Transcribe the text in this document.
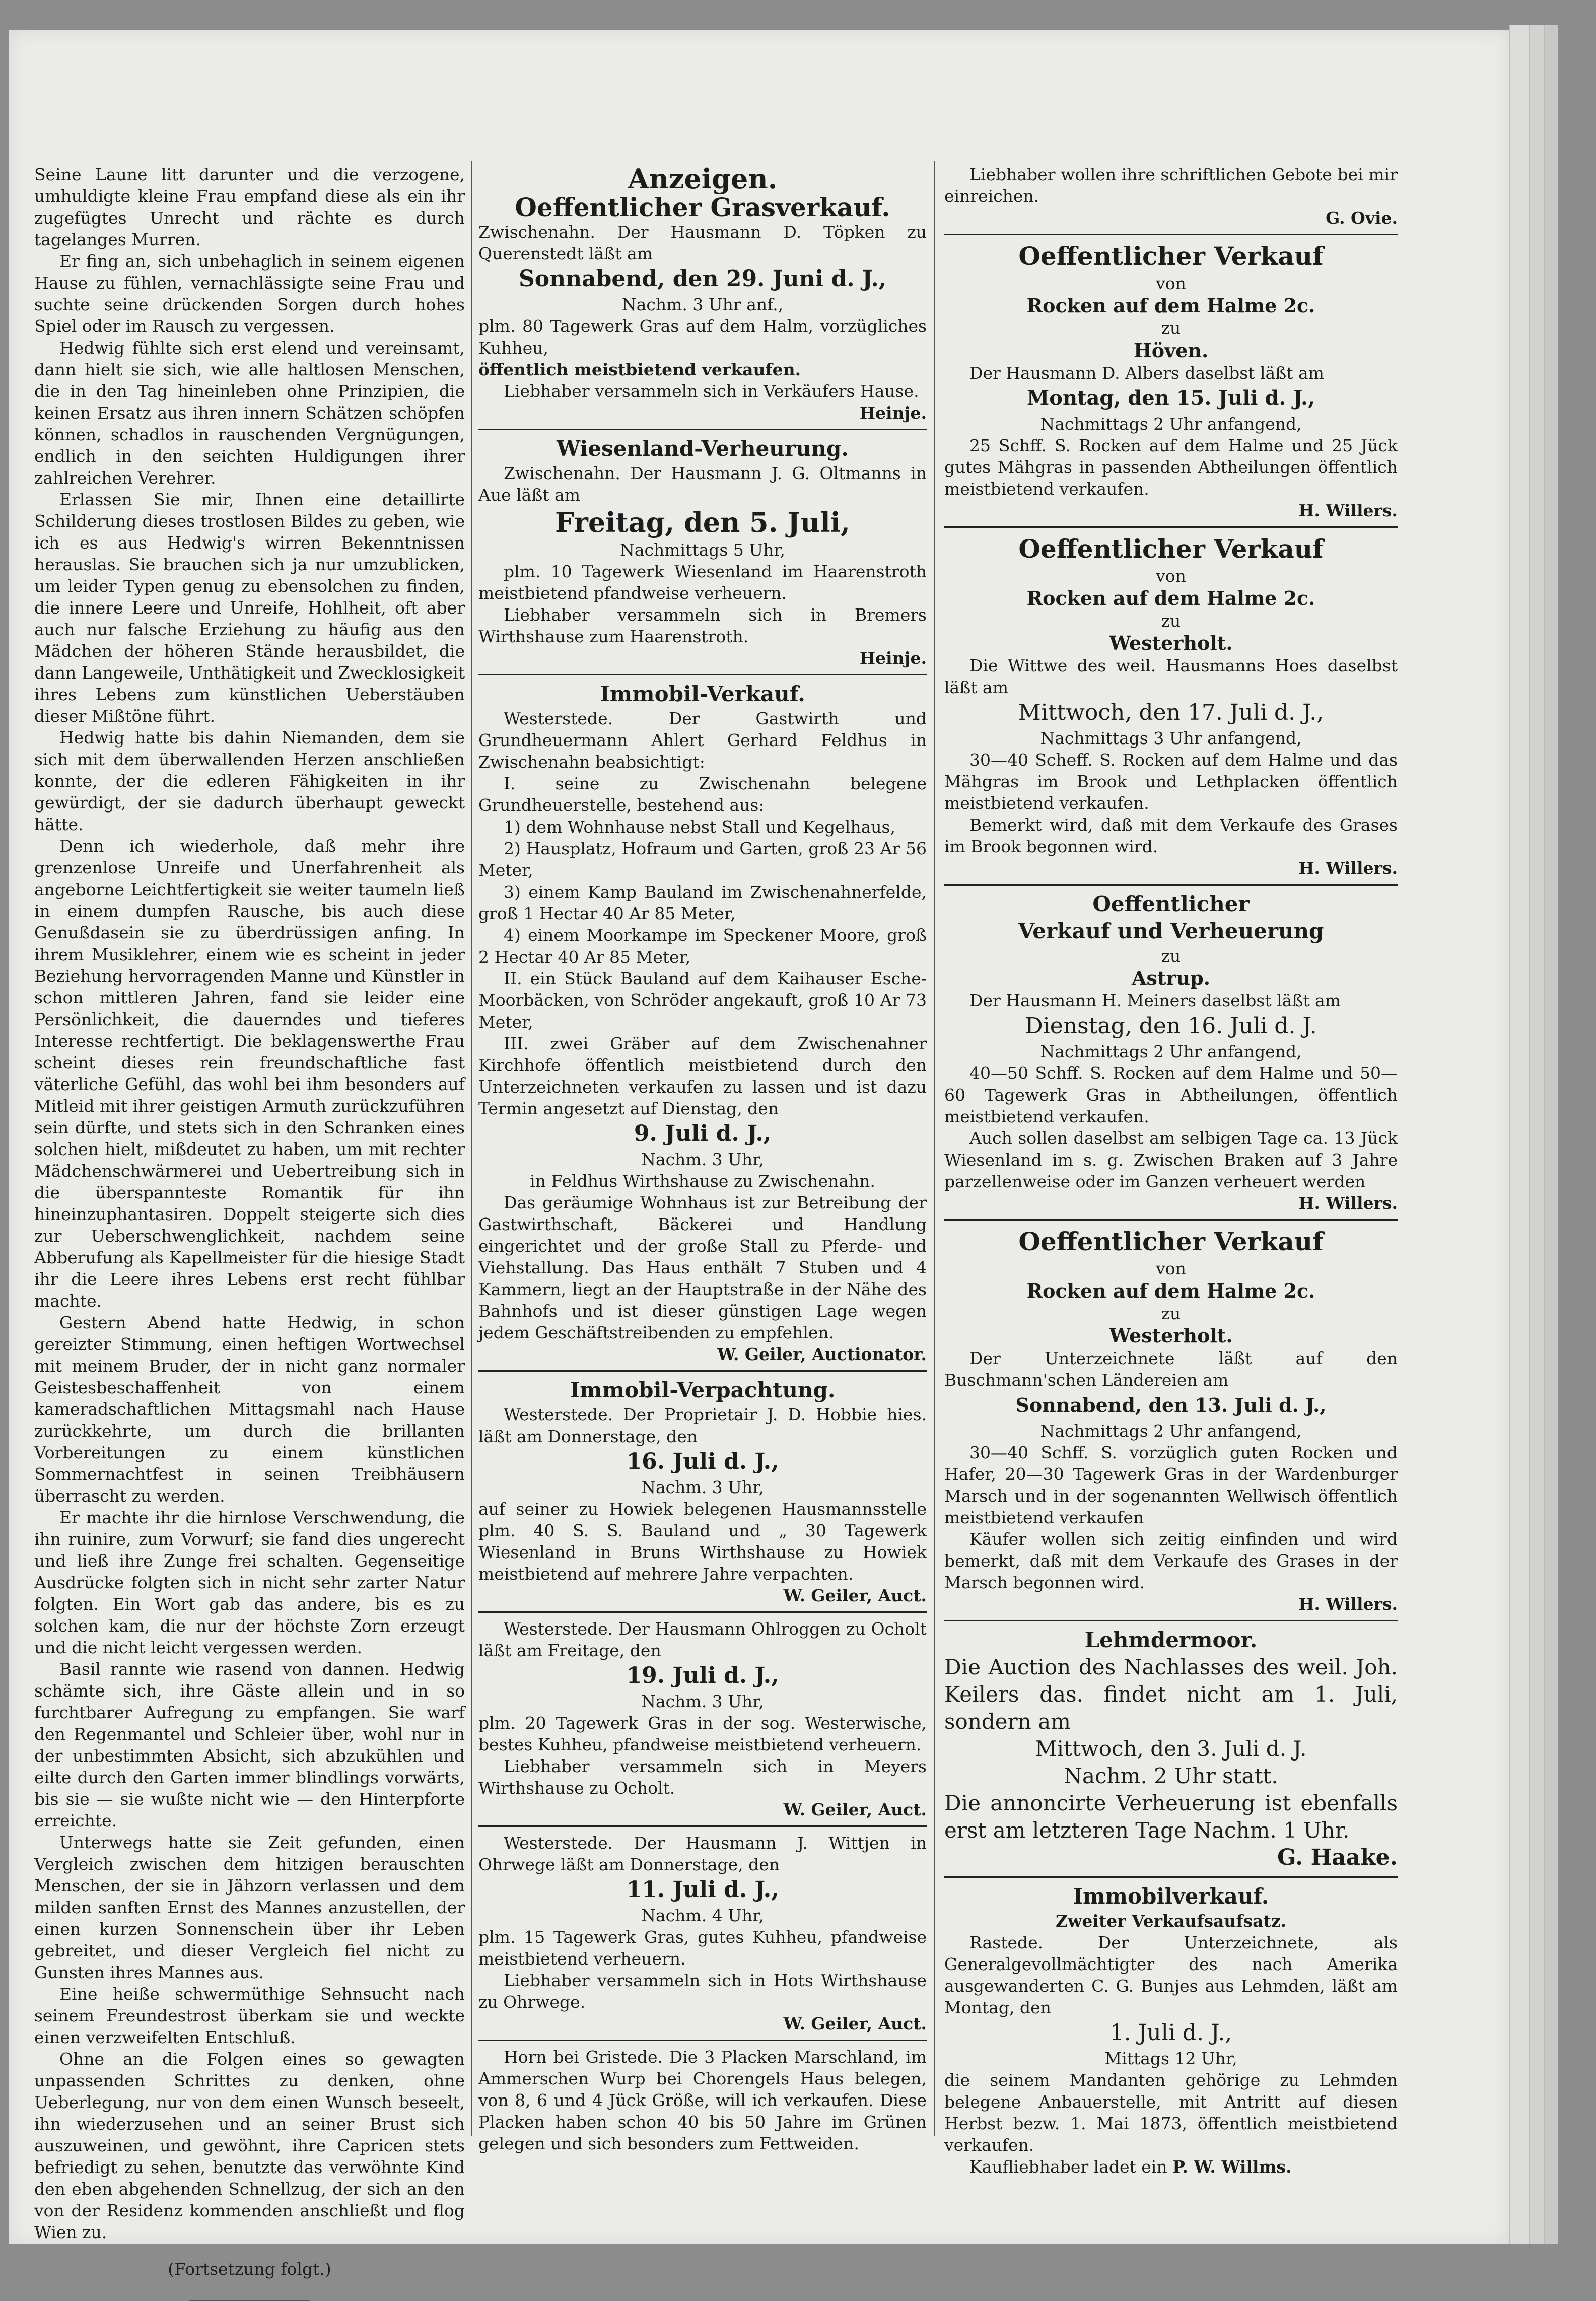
Seine Laune litt darunter und die verzogene, umhuldigte kleine Frau empfand diese als ein ihr zugefügtes Unrecht und rächte es durch tagelanges Murren.

Er fing an, sich unbehaglich in seinem eigenen Hause zu fühlen, vernachlässigte seine Frau und suchte seine drückenden Sorgen durch hohes Spiel oder im Rausch zu vergessen.

Hedwig fühlte sich erst elend und vereinsamt, dann hielt sie sich, wie alle haltlosen Menschen, die in den Tag hineinleben ohne Prinzipien, die keinen Ersatz aus ihren innern Schätzen schöpfen können, schadlos in rauschenden Vergnügungen, endlich in den seichten Huldigungen ihrer zahlreichen Verehrer.

Erlassen Sie mir, Ihnen eine detaillirte Schilderung dieses trostlosen Bildes zu geben, wie ich es aus Hedwig's wirren Bekenntnissen herauslas. Sie brauchen sich ja nur umzublicken, um leider Typen genug zu ebensolchen zu finden, die innere Leere und Unreife, Hohlheit, oft aber auch nur falsche Erziehung zu häufig aus den Mädchen der höheren Stände herausbildet, die dann Langeweile, Unthätigkeit und Zwecklosigkeit ihres Lebens zum künstlichen Ueberstäuben dieser Mißtöne führt.

Hedwig hatte bis dahin Niemanden, dem sie sich mit dem überwallenden Herzen anschließen konnte, der die edleren Fähigkeiten in ihr gewürdigt, der sie dadurch überhaupt geweckt hätte.

Denn ich wiederhole, daß mehr ihre grenzenlose Unreife und Unerfahrenheit als angeborne Leichtfertigkeit sie weiter taumeln ließ in einem dumpfen Rausche, bis auch diese Genußdasein sie zu überdrüssigen anfing. In ihrem Musiklehrer, einem wie es scheint in jeder Beziehung hervorragenden Manne und Künstler in schon mittleren Jahren, fand sie leider eine Persönlichkeit, die dauerndes und tieferes Interesse rechtfertigt. Die beklagenswerthe Frau scheint dieses rein freundschaftliche fast väterliche Gefühl, das wohl bei ihm besonders auf Mitleid mit ihrer geistigen Armuth zurückzuführen sein dürfte, und stets sich in den Schranken eines solchen hielt, mißdeutet zu haben, um mit rechter Mädchenschwärmerei und Uebertreibung sich in die überspannteste Romantik für ihn hineinzuphantasiren. Doppelt steigerte sich dies zur Ueberschwenglichkeit, nachdem seine Abberufung als Kapellmeister für die hiesige Stadt ihr die Leere ihres Lebens erst recht fühlbar machte.

Gestern Abend hatte Hedwig, in schon gereizter Stimmung, einen heftigen Wortwechsel mit meinem Bruder, der in nicht ganz normaler Geistesbeschaffenheit von einem kameradschaftlichen Mittagsmahl nach Hause zurückkehrte, um durch die brillanten Vorbereitungen zu einem künstlichen Sommernachtfest in seinen Treibhäusern überrascht zu werden.

Er machte ihr die hirnlose Verschwendung, die ihn ruinire, zum Vorwurf; sie fand dies ungerecht und ließ ihre Zunge frei schalten. Gegenseitige Ausdrücke folgten sich in nicht sehr zarter Natur folgten. Ein Wort gab das andere, bis es zu solchen kam, die nur der höchste Zorn erzeugt und die nicht leicht vergessen werden.

Basil rannte wie rasend von dannen. Hedwig schämte sich, ihre Gäste allein und in so furchtbarer Aufregung zu empfangen. Sie warf den Regenmantel und Schleier über, wohl nur in der unbestimmten Absicht, sich abzukühlen und eilte durch den Garten immer blindlings vorwärts, bis sie — sie wußte nicht wie — den Hinterpforte erreichte.

Unterwegs hatte sie Zeit gefunden, einen Vergleich zwischen dem hitzigen berauschten Menschen, der sie in Jähzorn verlassen und dem milden sanften Ernst des Mannes anzustellen, der einen kurzen Sonnenschein über ihr Leben gebreitet, und dieser Vergleich fiel nicht zu Gunsten ihres Mannes aus.

Eine heiße schwermüthige Sehnsucht nach seinem Freundestrost überkam sie und weckte einen verzweifelten Entschluß.

Ohne an die Folgen eines so gewagten unpassenden Schrittes zu denken, ohne Ueberlegung, nur von dem einen Wunsch beseelt, ihn wiederzusehen und an seiner Brust sich auszuweinen, und gewöhnt, ihre Capricen stets befriedigt zu sehen, benutzte das verwöhnte Kind den eben abgehenden Schnellzug, der sich an den von der Residenz kommenden anschließt und flog Wien zu.

(Fortsetzung folgt.)

Anzeigen.

Oeffentlicher Grasverkauf.

Zwischenahn. Der Hausmann D. Töpken zu Querenstedt läßt am

Sonnabend, den 29. Juni d. J.,

Nachm. 3 Uhr anf.,

plm. 80 Tagewerk Gras auf dem Halm, vorzügliches Kuhheu,

öffentlich meistbietend verkaufen.

Liebhaber versammeln sich in Verkäufers Hause.

Heinje.

Wiesenland-Verheurung.

Zwischenahn. Der Hausmann J. G. Oltmanns in Aue läßt am

Freitag, den 5. Juli,

Nachmittags 5 Uhr,

plm. 10 Tagewerk Wiesenland im Haarenstroth meistbietend pfandweise verheuern.

Liebhaber versammeln sich in Bremers Wirthshause zum Haarenstroth.

Heinje.

Immobil-Verkauf.

Westerstede. Der Gastwirth und Grundheuermann Ahlert Gerhard Feldhus in Zwischenahn beabsichtigt:

I. seine zu Zwischenahn belegene Grundheuerstelle, bestehend aus:

1) dem Wohnhause nebst Stall und Kegelhaus,

2) Hausplatz, Hofraum und Garten, groß 23 Ar 56 Meter,

3) einem Kamp Bauland im Zwischenahnerfelde, groß 1 Hectar 40 Ar 85 Meter,

4) einem Moorkampe im Speckener Moore, groß 2 Hectar 40 Ar 85 Meter,

II. ein Stück Bauland auf dem Kaihauser Esche-Moorbäcken, von Schröder angekauft, groß 10 Ar 73 Meter,

III. zwei Gräber auf dem Zwischenahner Kirchhofe öffentlich meistbietend durch den Unterzeichneten verkaufen zu lassen und ist dazu Termin angesetzt auf Dienstag, den

9. Juli d. J.,

Nachm. 3 Uhr,

in Feldhus Wirthshause zu Zwischenahn.

Das geräumige Wohnhaus ist zur Betreibung der Gastwirthschaft, Bäckerei und Handlung eingerichtet und der große Stall zu Pferde- und Viehstallung. Das Haus enthält 7 Stuben und 4 Kammern, liegt an der Hauptstraße in der Nähe des Bahnhofs und ist dieser günstigen Lage wegen jedem Geschäftstreibenden zu empfehlen.

W. Geiler, Auctionator.

Immobil-Verpachtung.

Westerstede. Der Proprietair J. D. Hobbie hies. läßt am Donnerstage, den

16. Juli d. J.,

Nachm. 3 Uhr,

auf seiner zu Howiek belegenen Hausmannsstelle plm. 40 S. S. Bauland und „ 30 Tagewerk Wiesenland in Bruns Wirthshause zu Howiek meistbietend auf mehrere Jahre verpachten.

W. Geiler, Auct.

Westerstede. Der Hausmann Ohlroggen zu Ocholt läßt am Freitage, den

19. Juli d. J.,

Nachm. 3 Uhr,

plm. 20 Tagewerk Gras in der sog. Westerwische, bestes Kuhheu, pfandweise meistbietend verheuern.

Liebhaber versammeln sich in Meyers Wirthshause zu Ocholt.

W. Geiler, Auct.

Westerstede. Der Hausmann J. Wittjen in Ohrwege läßt am Donnerstage, den

11. Juli d. J.,

Nachm. 4 Uhr,

plm. 15 Tagewerk Gras, gutes Kuhheu, pfandweise meistbietend verheuern.

Liebhaber versammeln sich in Hots Wirthshause zu Ohrwege.

W. Geiler, Auct.

Horn bei Gristede. Die 3 Placken Marschland, im Ammerschen Wurp bei Chorengels Haus belegen, von 8, 6 und 4 Jück Größe, will ich verkaufen. Diese Placken haben schon 40 bis 50 Jahre im Grünen gelegen und sich besonders zum Fettweiden.

Liebhaber wollen ihre schriftlichen Gebote bei mir einreichen.

G. Ovie.

Oeffentlicher Verkauf

von

Rocken auf dem Halme 2c.

zu

Höven.

Der Hausmann D. Albers daselbst läßt am

Montag, den 15. Juli d. J.,

Nachmittags 2 Uhr anfangend,

25 Schff. S. Rocken auf dem Halme und 25 Jück gutes Mähgras in passenden Abtheilungen öffentlich meistbietend verkaufen.

H. Willers.

Oeffentlicher Verkauf

von

Rocken auf dem Halme 2c.

zu

Westerholt.

Die Wittwe des weil. Hausmanns Hoes daselbst läßt am

Mittwoch, den 17. Juli d. J.,

Nachmittags 3 Uhr anfangend,

30—40 Scheff. S. Rocken auf dem Halme und das Mähgras im Brook und Lethplacken öffentlich meistbietend verkaufen.

Bemerkt wird, daß mit dem Verkaufe des Grases im Brook begonnen wird.

H. Willers.

Oeffentlicher

Verkauf und Verheuerung

zu

Astrup.

Der Hausmann H. Meiners daselbst läßt am

Dienstag, den 16. Juli d. J.

Nachmittags 2 Uhr anfangend,

40—50 Schff. S. Rocken auf dem Halme und 50—60 Tagewerk Gras in Abtheilungen, öffentlich meistbietend verkaufen.

Auch sollen daselbst am selbigen Tage ca. 13 Jück Wiesenland im s. g. Zwischen Braken auf 3 Jahre parzellenweise oder im Ganzen verheuert werden

H. Willers.

Oeffentlicher Verkauf

von

Rocken auf dem Halme 2c.

zu

Westerholt.

Der Unterzeichnete läßt auf den Buschmann'schen Ländereien am

Sonnabend, den 13. Juli d. J.,

Nachmittags 2 Uhr anfangend,

30—40 Schff. S. vorzüglich guten Rocken und Hafer, 20—30 Tagewerk Gras in der Wardenburger Marsch und in der sogenannten Wellwisch öffentlich meistbietend verkaufen

Käufer wollen sich zeitig einfinden und wird bemerkt, daß mit dem Verkaufe des Grases in der Marsch begonnen wird.

H. Willers.

Lehmdermoor.

Die Auction des Nachlasses des weil. Joh. Keilers das. findet nicht am 1. Juli, sondern am

Mittwoch, den 3. Juli d. J.

Nachm. 2 Uhr statt.

Die annoncirte Verheuerung ist ebenfalls erst am letzteren Tage Nachm. 1 Uhr.

G. Haake.

Immobilverkauf.

Zweiter Verkaufsaufsatz.

Rastede. Der Unterzeichnete, als Generalgevollmächtigter des nach Amerika ausgewanderten C. G. Bunjes aus Lehmden, läßt am Montag, den

1. Juli d. J.,

Mittags 12 Uhr,

die seinem Mandanten gehörige zu Lehmden belegene Anbauerstelle, mit Antritt auf diesen Herbst bezw. 1. Mai 1873, öffentlich meistbietend verkaufen.

Kaufliebhaber ladet ein P. W. Willms.
